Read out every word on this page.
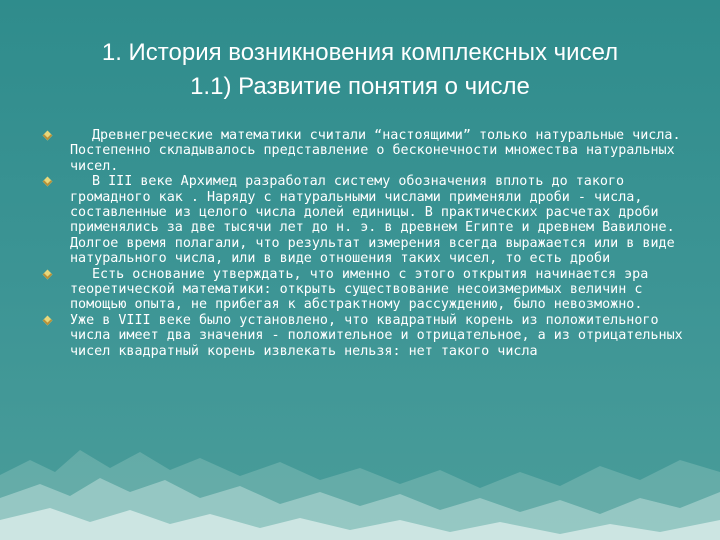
1. История возникновения комплексных чисел
1.1) Развитие понятия о числе
Древнегреческие математики считали “настоящими” только натуральные числа. Постепенно складывалось представление о бесконечности множества натуральных чисел.
В III веке Архимед разработал систему обозначения вплоть до такого громадного как . Наряду с натуральными числами применяли дроби - числа, составленные из целого числа долей единицы. В практических расчетах дроби применялись за две тысячи лет до н. э. в древнем Египте и древнем Вавилоне. Долгое время полагали, что результат измерения всегда выражается или в виде натурального числа, или в виде отношения таких чисел, то есть дроби
Есть основание утверждать, что именно с этого открытия начинается эра теоретической математики: открыть существование несоизмеримых величин с помощью опыта, не прибегая к абстрактному рассуждению, было невозможно.
Уже в VIII веке было установлено, что квадратный корень из положительного числа имеет два значения - положительное и отрицательное, а из отрицательных чисел квадратный корень извлекать нельзя: нет такого числа
